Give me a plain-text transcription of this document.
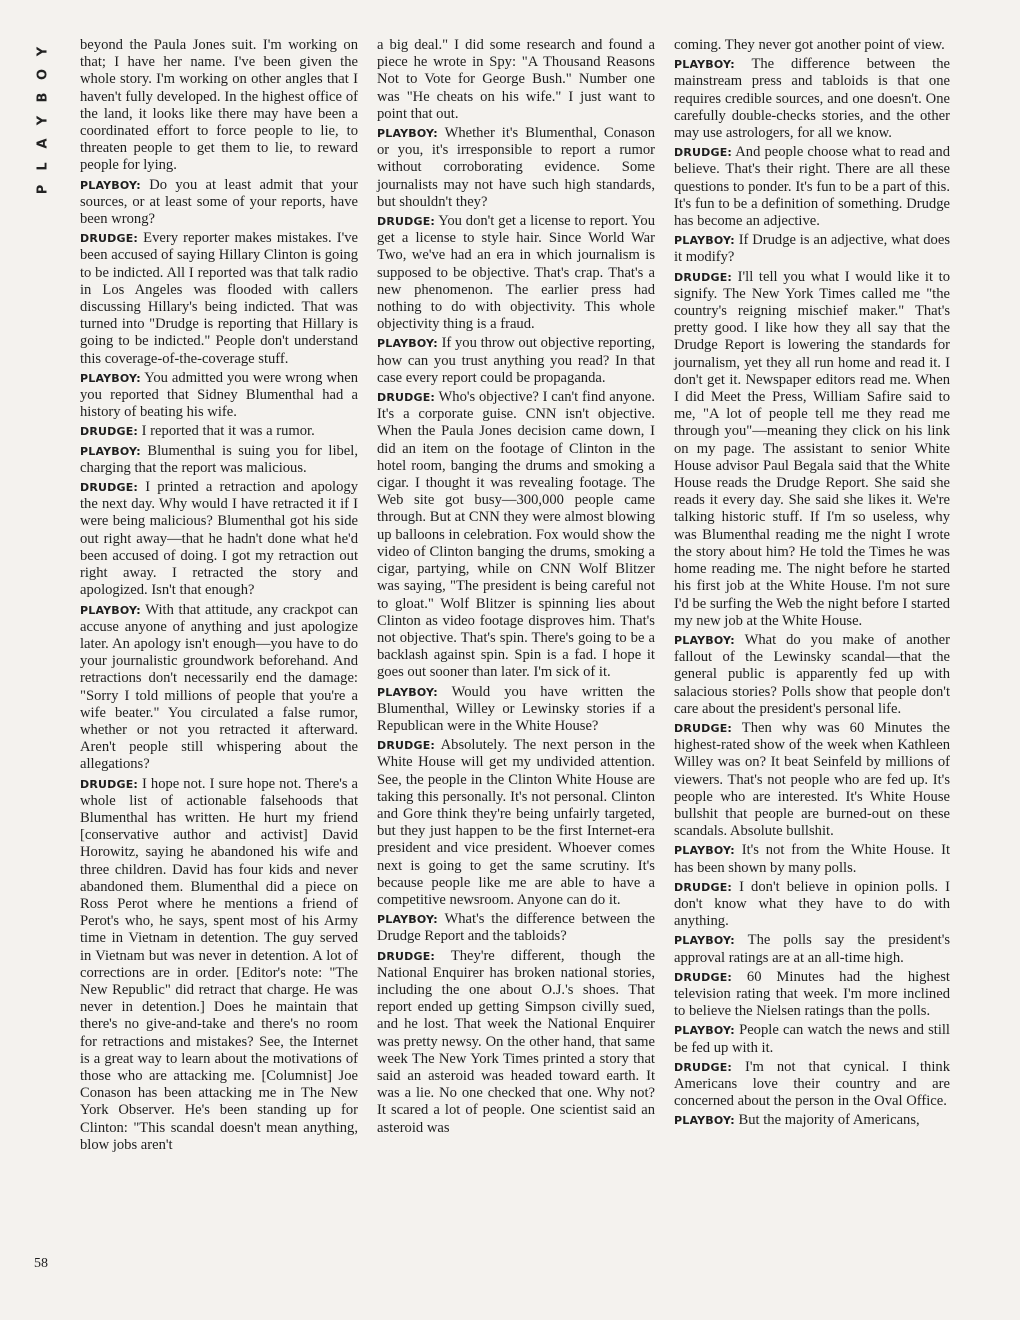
Y
O
B
Y
A
L
P

beyond the Paula Jones suit. I'm working on that; I have her name. I've been given the whole story. I'm working on other angles that I haven't fully developed. In the highest office of the land, it looks like there may have been a coordinated effort to force people to lie, to threaten people to get them to lie, to reward people for lying.

PLAYBOY: Do you at least admit that your sources, or at least some of your reports, have been wrong?

DRUDGE: Every reporter makes mistakes. I've been accused of saying Hillary Clinton is going to be indicted. All I reported was that talk radio in Los Angeles was flooded with callers discussing Hillary's being indicted. That was turned into "Drudge is reporting that Hillary is going to be indicted." People don't understand this coverage-of-the-coverage stuff.

PLAYBOY: You admitted you were wrong when you reported that Sidney Blumenthal had a history of beating his wife.

DRUDGE: I reported that it was a rumor.

PLAYBOY: Blumenthal is suing you for libel, charging that the report was malicious.

DRUDGE: I printed a retraction and apology the next day. Why would I have retracted it if I were being malicious? Blumenthal got his side out right away—that he hadn't done what he'd been accused of doing. I got my retraction out right away. I retracted the story and apologized. Isn't that enough?

PLAYBOY: With that attitude, any crackpot can accuse anyone of anything and just apologize later. An apology isn't enough—you have to do your journalistic groundwork beforehand. And retractions don't necessarily end the damage: "Sorry I told millions of people that you're a wife beater." You circulated a false rumor, whether or not you retracted it afterward. Aren't people still whispering about the allegations?

DRUDGE: I hope not. I sure hope not. There's a whole list of actionable falsehoods that Blumenthal has written. He hurt my friend [conservative author and activist] David Horowitz, saying he abandoned his wife and three children. David has four kids and never abandoned them. Blumenthal did a piece on Ross Perot where he mentions a friend of Perot's who, he says, spent most of his Army time in Vietnam in detention. The guy served in Vietnam but was never in detention. A lot of corrections are in order. [Editor's note: "The New Republic" did retract that charge. He was never in detention.] Does he maintain that there's no give-and-take and there's no room for retractions and mistakes? See, the Internet is a great way to learn about the motivations of those who are attacking me. [Columnist] Joe Conason has been attacking me in The New York Observer. He's been standing up for Clinton: "This scandal doesn't mean anything, blow jobs aren't

a big deal." I did some research and found a piece he wrote in Spy: "A Thousand Reasons Not to Vote for George Bush." Number one was "He cheats on his wife." I just want to point that out.

PLAYBOY: Whether it's Blumenthal, Conason or you, it's irresponsible to report a rumor without corroborating evidence. Some journalists may not have such high standards, but shouldn't they?

DRUDGE: You don't get a license to report. You get a license to style hair. Since World War Two, we've had an era in which journalism is supposed to be objective. That's crap. That's a new phenomenon. The earlier press had nothing to do with objectivity. This whole objectivity thing is a fraud.

PLAYBOY: If you throw out objective reporting, how can you trust anything you read? In that case every report could be propaganda.

DRUDGE: Who's objective? I can't find anyone. It's a corporate guise. CNN isn't objective. When the Paula Jones decision came down, I did an item on the footage of Clinton in the hotel room, banging the drums and smoking a cigar. I thought it was revealing footage. The Web site got busy—300,000 people came through. But at CNN they were almost blowing up balloons in celebration. Fox would show the video of Clinton banging the drums, smoking a cigar, partying, while on CNN Wolf Blitzer was saying, "The president is being careful not to gloat." Wolf Blitzer is spinning lies about Clinton as video footage disproves him. That's not objective. That's spin. There's going to be a backlash against spin. Spin is a fad. I hope it goes out sooner than later. I'm sick of it.

PLAYBOY: Would you have written the Blumenthal, Willey or Lewinsky stories if a Republican were in the White House?

DRUDGE: Absolutely. The next person in the White House will get my undivided attention. See, the people in the Clinton White House are taking this personally. It's not personal. Clinton and Gore think they're being unfairly targeted, but they just happen to be the first Internet-era president and vice president. Whoever comes next is going to get the same scrutiny. It's because people like me are able to have a competitive newsroom. Anyone can do it.

PLAYBOY: What's the difference between the Drudge Report and the tabloids?

DRUDGE: They're different, though the National Enquirer has broken national stories, including the one about O.J.'s shoes. That report ended up getting Simpson civilly sued, and he lost. That week the National Enquirer was pretty newsy. On the other hand, that same week The New York Times printed a story that said an asteroid was headed toward earth. It was a lie. No one checked that one. Why not? It scared a lot of people. One scientist said an asteroid was

coming. They never got another point of view.

PLAYBOY: The difference between the mainstream press and tabloids is that one requires credible sources, and one doesn't. One carefully double-checks stories, and the other may use astrologers, for all we know.

DRUDGE: And people choose what to read and believe. That's their right. There are all these questions to ponder. It's fun to be a part of this. It's fun to be a definition of something. Drudge has become an adjective.

PLAYBOY: If Drudge is an adjective, what does it modify?

DRUDGE: I'll tell you what I would like it to signify. The New York Times called me "the country's reigning mischief maker." That's pretty good. I like how they all say that the Drudge Report is lowering the standards for journalism, yet they all run home and read it. I don't get it. Newspaper editors read me. When I did Meet the Press, William Safire said to me, "A lot of people tell me they read me through you"—meaning they click on his link on my page. The assistant to senior White House advisor Paul Begala said that the White House reads the Drudge Report. She said she reads it every day. She said she likes it. We're talking historic stuff. If I'm so useless, why was Blumenthal reading me the night I wrote the story about him? He told the Times he was home reading me. The night before he started his first job at the White House. I'm not sure I'd be surfing the Web the night before I started my new job at the White House.

PLAYBOY: What do you make of another fallout of the Lewinsky scandal—that the general public is apparently fed up with salacious stories? Polls show that people don't care about the president's personal life.

DRUDGE: Then why was 60 Minutes the highest-rated show of the week when Kathleen Willey was on? It beat Seinfeld by millions of viewers. That's not people who are fed up. It's people who are interested. It's White House bullshit that people are burned-out on these scandals. Absolute bullshit.

PLAYBOY: It's not from the White House. It has been shown by many polls.

DRUDGE: I don't believe in opinion polls. I don't know what they have to do with anything.

PLAYBOY: The polls say the president's approval ratings are at an all-time high.

DRUDGE: 60 Minutes had the highest television rating that week. I'm more inclined to believe the Nielsen ratings than the polls.

PLAYBOY: People can watch the news and still be fed up with it.

DRUDGE: I'm not that cynical. I think Americans love their country and are concerned about the person in the Oval Office.

PLAYBOY: But the majority of Americans,

58
